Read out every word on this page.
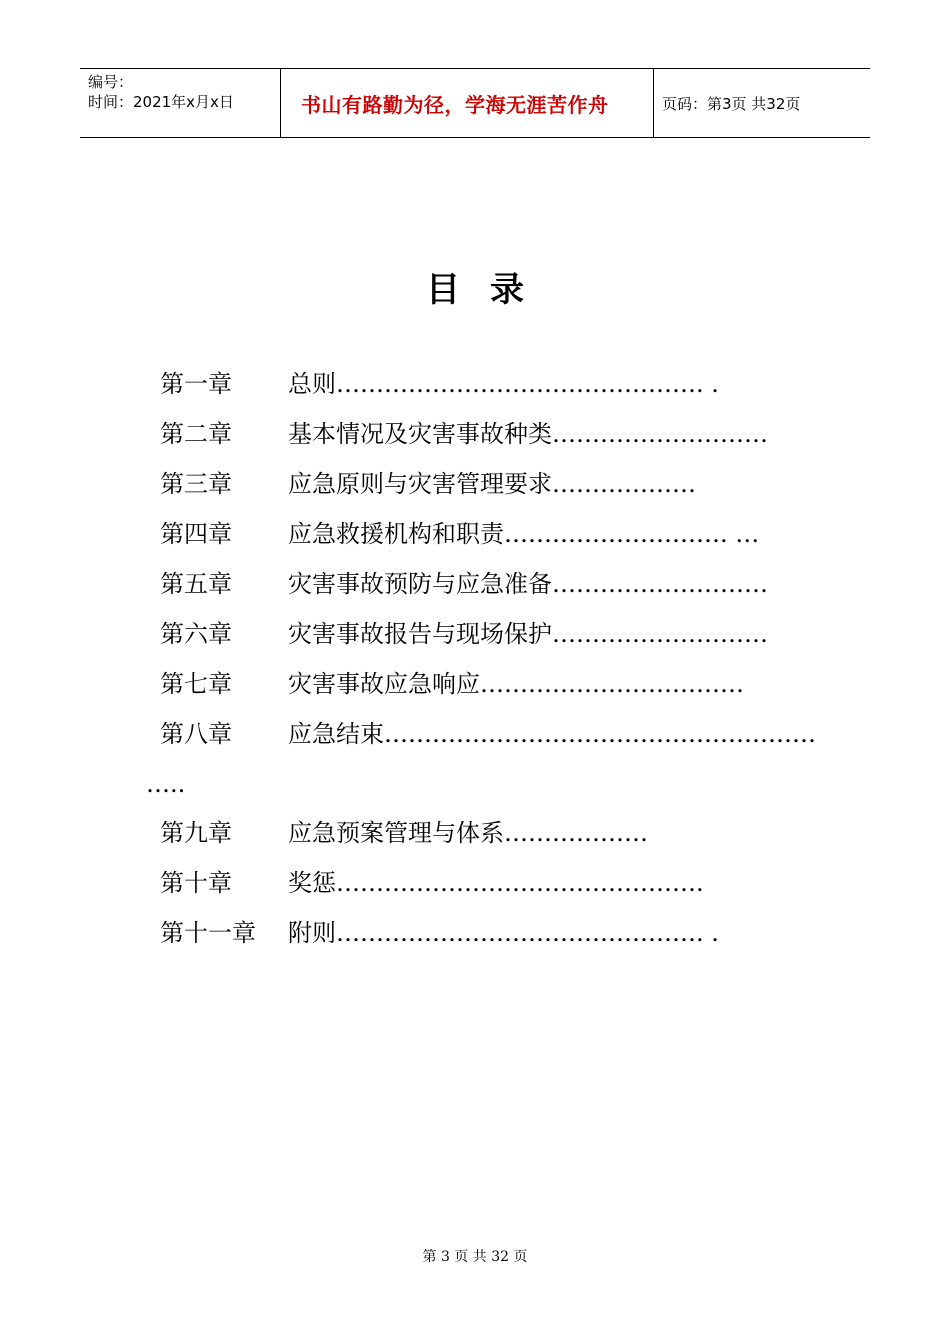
编号：
时间：2021年x月x日	书山有路勤为径，学海无涯苦作舟	页码：第3页 共32页
目录
第一章 总则………………………………………. .
第二章 基本情况及灾害事故种类………………………
第三章 应急原则与灾害管理要求………………
第四章 应急救援机构和职责………………………. …
第五章 灾害事故预防与应急准备………………………
第六章 灾害事故报告与现场保护………………………
第七章 灾害事故应急响应……………………………
第八章 应急结束………………………………………………
…..
第九章 应急预案管理与体系………………
第十章 奖惩……………………………………….
第十一章 附则………………………………………. .
第 3 页 共 32 页
